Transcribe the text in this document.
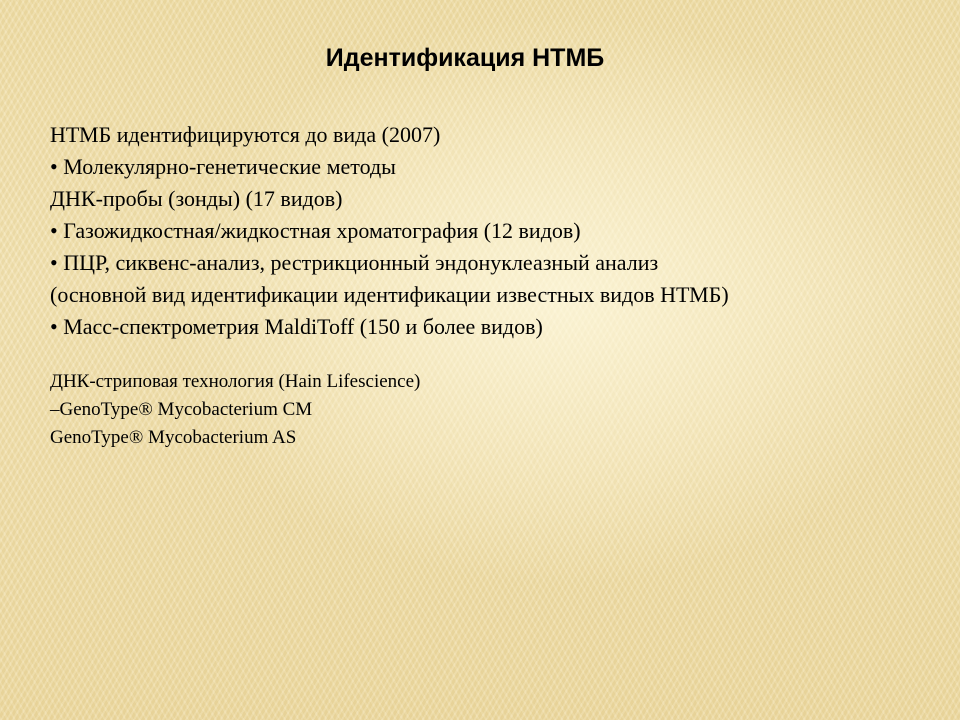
Идентификация НТМБ
НТМБ идентифицируются до вида (2007)
• Молекулярно-генетические методы
ДНК-пробы (зонды) (17 видов)
• Газожидкостная/жидкостная хроматография (12 видов)
• ПЦР, сиквенс-анализ, рестрикционный эндонуклеазный анализ
(основной вид идентификации идентификации известных видов НТМБ)
• Масс-спектрометрия MaldiToff (150 и более видов)
ДНК-стриповая технология (Hain Lifescience)
–GenoType® Mycobacterium CM
GenoType® Mycobacterium AS
